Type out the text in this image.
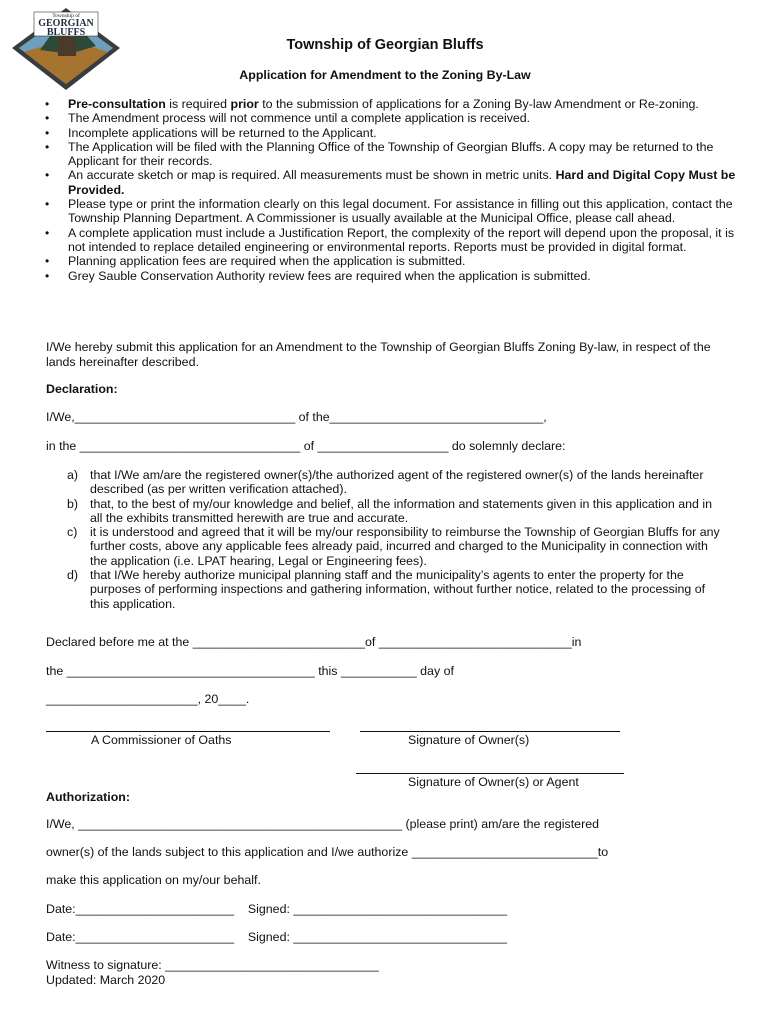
Township of
GEORGIAN
BLUFFS
Township of Georgian Bluffs
Application for Amendment to the Zoning By-Law
• Pre-consultation is required prior to the submission of applications for a Zoning By-law Amendment or Re-zoning.
• The Amendment process will not commence until a complete application is received.
• Incomplete applications will be returned to the Applicant.
• The Application will be filed with the Planning Office of the Township of Georgian Bluffs. A copy may be returned to the Applicant for their records.
• An accurate sketch or map is required. All measurements must be shown in metric units. Hard and Digital Copy Must be Provided.
• Please type or print the information clearly on this legal document. For assistance in filling out this application, contact the Township Planning Department. A Commissioner is usually available at the Municipal Office, please call ahead.
• A complete application must include a Justification Report, the complexity of the report will depend upon the proposal, it is not intended to replace detailed engineering or environmental reports. Reports must be provided in digital format.
• Planning application fees are required when the application is submitted.
• Grey Sauble Conservation Authority review fees are required when the application is submitted.
I/We hereby submit this application for an Amendment to the Township of Georgian Bluffs Zoning By-law, in respect of the lands hereinafter described.
Declaration:
I/We,________________________________ of the_______________________________,
in the ________________________________ of ___________________ do solemnly declare:
a) that I/We am/are the registered owner(s)/the authorized agent of the registered owner(s) of the lands hereinafter described (as per written verification attached).
b) that, to the best of my/our knowledge and belief, all the information and statements given in this application and in all the exhibits transmitted herewith are true and accurate.
c) it is understood and agreed that it will be my/our responsibility to reimburse the Township of Georgian Bluffs for any further costs, above any applicable fees already paid, incurred and charged to the Municipality in connection with the application (i.e. LPAT hearing, Legal or Engineering fees).
d) that I/We hereby authorize municipal planning staff and the municipality’s agents to enter the property for the purposes of performing inspections and gathering information, without further notice, related to the processing of this application.
Declared before me at the _________________________of ____________________________in
the ____________________________________ this ___________ day of
______________________, 20____.
A Commissioner of Oaths	Signature of Owner(s)
Signature of Owner(s) or Agent
Authorization:
I/We, _______________________________________________ (please print) am/are the registered
owner(s) of the lands subject to this application and I/we authorize ___________________________to
make this application on my/our behalf.
Date:_______________________    Signed: _______________________________
Date:_______________________    Signed: _______________________________
Witness to signature: _______________________________
Updated: March 2020
